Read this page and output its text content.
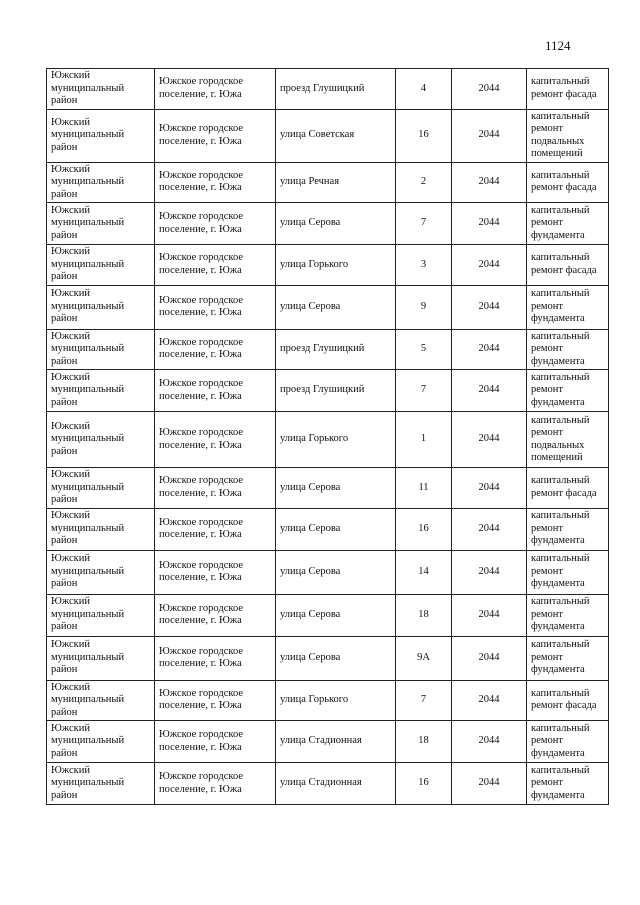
1124
Южский муниципальный район	Южское городское поселение, г. Южа	проезд Глушицкий	4	2044	капитальный ремонт фасада
Южский муниципальный район	Южское городское поселение, г. Южа	улица Советская	16	2044	капитальный ремонт подвальных помещений
Южский муниципальный район	Южское городское поселение, г. Южа	улица Речная	2	2044	капитальный ремонт фасада
Южский муниципальный район	Южское городское поселение, г. Южа	улица Серова	7	2044	капитальный ремонт фундамента
Южский муниципальный район	Южское городское поселение, г. Южа	улица Горького	3	2044	капитальный ремонт фасада
Южский муниципальный район	Южское городское поселение, г. Южа	улица Серова	9	2044	капитальный ремонт фундамента
Южский муниципальный район	Южское городское поселение, г. Южа	проезд Глушицкий	5	2044	капитальный ремонт фундамента
Южский муниципальный район	Южское городское поселение, г. Южа	проезд Глушицкий	7	2044	капитальный ремонт фундамента
Южский муниципальный район	Южское городское поселение, г. Южа	улица Горького	1	2044	капитальный ремонт подвальных помещений
Южский муниципальный район	Южское городское поселение, г. Южа	улица Серова	11	2044	капитальный ремонт фасада
Южский муниципальный район	Южское городское поселение, г. Южа	улица Серова	16	2044	капитальный ремонт фундамента
Южский муниципальный район	Южское городское поселение, г. Южа	улица Серова	14	2044	капитальный ремонт фундамента
Южский муниципальный район	Южское городское поселение, г. Южа	улица Серова	18	2044	капитальный ремонт фундамента
Южский муниципальный район	Южское городское поселение, г. Южа	улица Серова	9А	2044	капитальный ремонт фундамента
Южский муниципальный район	Южское городское поселение, г. Южа	улица Горького	7	2044	капитальный ремонт фасада
Южский муниципальный район	Южское городское поселение, г. Южа	улица Стадионная	18	2044	капитальный ремонт фундамента
Южский муниципальный район	Южское городское поселение, г. Южа	улица Стадионная	16	2044	капитальный ремонт фундамента
